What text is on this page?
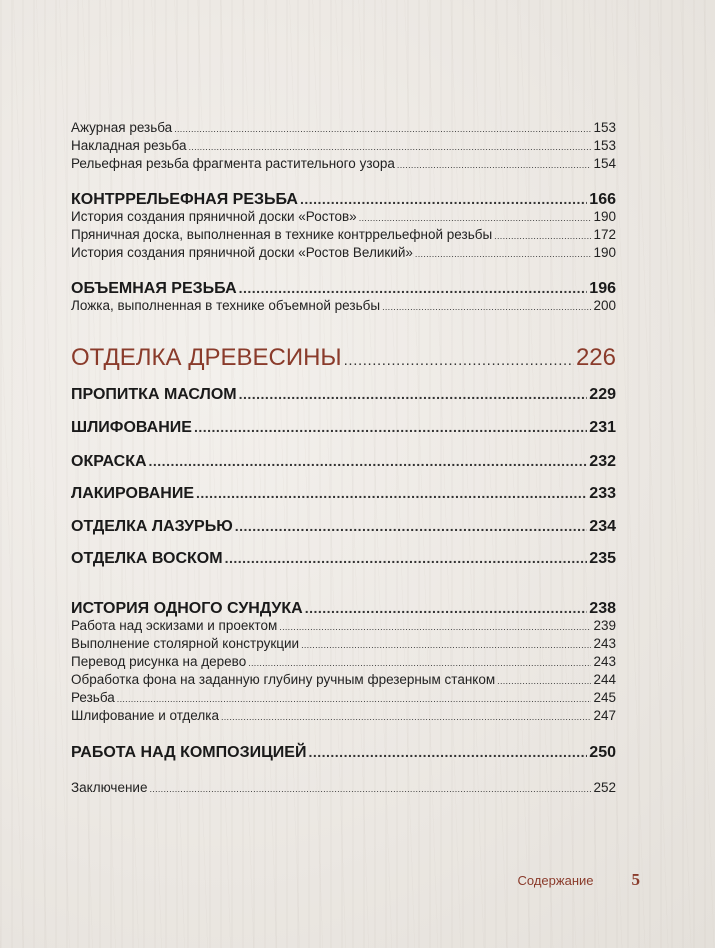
Ажурная резьба .....	153
Накладная резьба .....	153
Рельефная резьба фрагмента растительного узора .....	154
КОНТРРЕЛЬЕФНАЯ РЕЗЬБА .....	166
История создания пряничной доски «Ростов» .....	190
Пряничная доска, выполненная в технике контррельефной резьбы .....	172
История создания пряничной доски «Ростов Великий» .....	190
ОБЪЕМНАЯ РЕЗЬБА .....	196
Ложка, выполненная в технике объемной резьбы .....	200
ОТДЕЛКА ДРЕВЕСИНЫ .....	226
ПРОПИТКА МАСЛОМ .....	229
ШЛИФОВАНИЕ .....	231
ОКРАСКА .....	232
ЛАКИРОВАНИЕ .....	233
ОТДЕЛКА ЛАЗУРЬЮ .....	234
ОТДЕЛКА ВОСКОМ .....	235
ИСТОРИЯ ОДНОГО СУНДУКА .....	238
Работа над эскизами и проектом .....	239
Выполнение столярной конструкции .....	243
Перевод рисунка на дерево .....	243
Обработка фона на заданную глубину ручным фрезерным станком .....	244
Резьба .....	245
Шлифование и отделка .....	247
РАБОТА НАД КОМПОЗИЦИЕЙ .....	250
Заключение .....	252
Содержание 5
